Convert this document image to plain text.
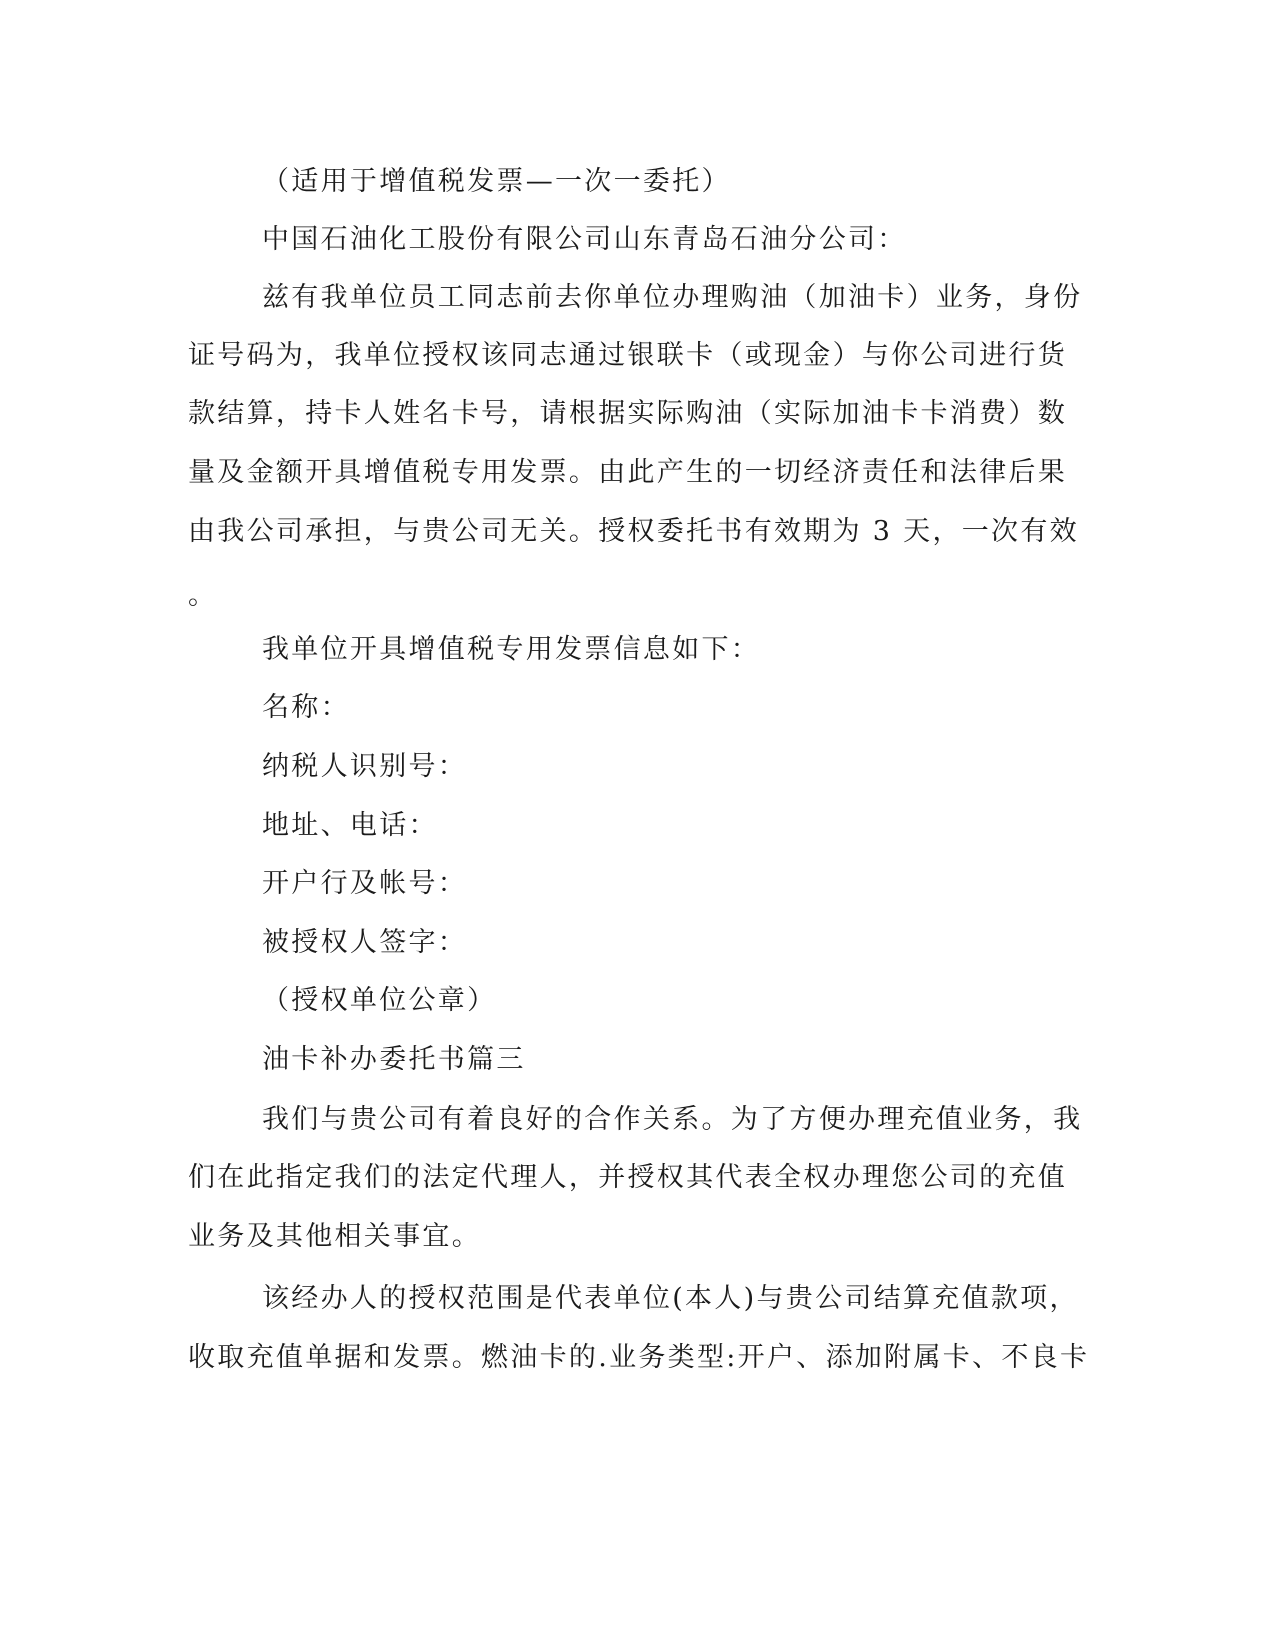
（适用于增值税发票—一次一委托）
中国石油化工股份有限公司山东青岛石油分公司：
兹有我单位员工同志前去你单位办理购油（加油卡）业务，身份
证号码为，我单位授权该同志通过银联卡（或现金）与你公司进行货
款结算，持卡人姓名卡号，请根据实际购油（实际加油卡卡消费）数
量及金额开具增值税专用发票。由此产生的一切经济责任和法律后果
由我公司承担，与贵公司无关。授权委托书有效期为 3 天，一次有效
。
我单位开具增值税专用发票信息如下：
名称：
纳税人识别号：
地址、电话：
开户行及帐号：
被授权人签字：
（授权单位公章）
油卡补办委托书篇三
我们与贵公司有着良好的合作关系。为了方便办理充值业务，我
们在此指定我们的法定代理人，并授权其代表全权办理您公司的充值
业务及其他相关事宜。
该经办人的授权范围是代表单位(本人)与贵公司结算充值款项，
收取充值单据和发票。燃油卡的.业务类型:开户、添加附属卡、不良卡
